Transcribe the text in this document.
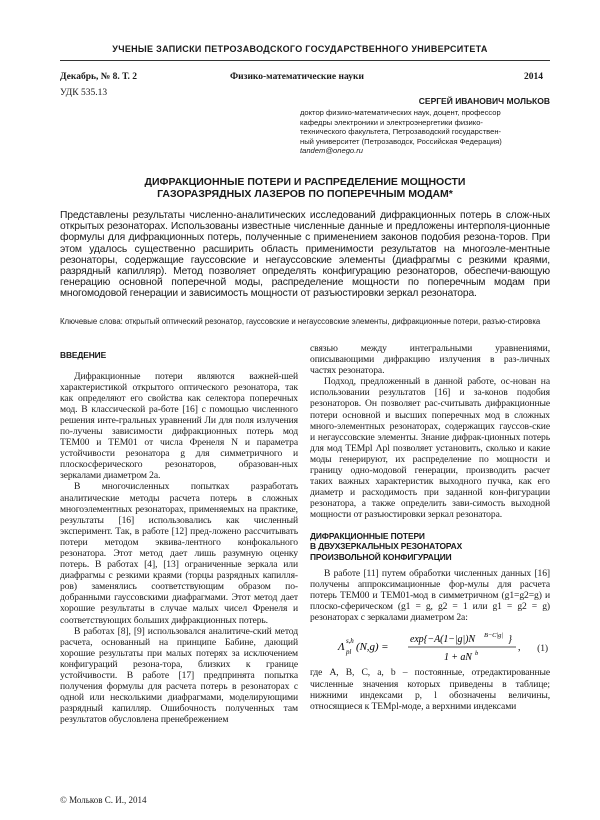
УЧЕНЫЕ ЗАПИСКИ ПЕТРОЗАВОДСКОГО ГОСУДАРСТВЕННОГО УНИВЕРСИТЕТА
Декабрь, № 8. Т. 2	Физико-математические науки	2014
УДК 535.13
СЕРГЕЙ ИВАНОВИЧ МОЛЬКОВ
доктор физико-математических наук, доцент, профессор
кафедры электроники и электроэнергетики физико-
технического факультета, Петрозаводский государствен-
ный университет (Петрозаводск, Российская Федерация)
tandem@onego.ru
ДИФРАКЦИОННЫЕ ПОТЕРИ И РАСПРЕДЕЛЕНИЕ МОЩНОСТИ
ГАЗОРАЗРЯДНЫХ ЛАЗЕРОВ ПО ПОПЕРЕЧНЫМ МОДАМ*
Представлены результаты численно-аналитических исследований дифракционных потерь в слож-ных открытых резонаторах. Использованы известные численные данные и предложены интерполя-ционные формулы для дифракционных потерь, полученные с применением законов подобия резона-торов. При этом удалось существенно расширить область применимости результатов на многоэле-ментные резонаторы, содержащие гауссовские и негауссовские элементы (диафрагмы с резкими краями, разрядный капилляр). Метод позволяет определять конфигурацию резонаторов, обеспечи-вающую генерацию основной поперечной моды, распределение мощности по поперечным модам при многомодовой генерации и зависимость мощности от разъюстировки зеркал резонатора.
Ключевые слова: открытый оптический резонатор, гауссовские и негауссовские элементы, дифракционные потери, разъю-стировка

ВВЕДЕНИЕ

Дифракционные потери являются важней-шей характеристикой открытого оптического резонатора, так как определяют его свойства как селектора поперечных мод. В классической ра-боте [16] с помощью численного решения инте-гральных уравнений Ли для поля излучения по-лучены зависимости дифракционных потерь мод TEM00 и TEM01 от числа Френеля N и параметра устойчивости резонатора g для симметричного и плоскосферического резонаторов, образован-ных зеркалами диаметром 2a.

В многочисленных попытках разработать аналитические методы расчета потерь в сложных многоэлементных резонаторах, применяемых на практике, результаты [16] использовались как численный эксперимент. Так, в работе [12] пред-ложено рассчитывать потери методом эквива-лентного конфокального резонатора. Этот метод дает лишь разумную оценку потерь. В работах [4], [13] ограниченные зеркала или диафрагмы с резкими краями (торцы разрядных капилля-ров) заменялись соответствующим образом по-добранными гауссовскими диафрагмами. Этот метод дает хорошие результаты в случае малых чисел Френеля и соответствующих больших дифракционных потерь.

В работах [8], [9] использовался аналитиче-ский метод расчета, основанный на принципе Бабине, дающий хорошие результаты при малых потерях за исключением конфигураций резона-тора, близких к границе устойчивости. В работе [17] предпринята попытка получения формулы для расчета потерь в резонаторах с одной или несколькими диафрагмами, моделирующими разрядный капилляр. Ошибочность полученных там результатов обусловлена пренебрежением

связью между интегральными уравнениями, описывающими дифракцию излучения в раз-личных частях резонатора.

Подход, предложенный в данной работе, ос-нован на использовании результатов [16] и за-конов подобия резонаторов. Он позволяет рас-считывать дифракционные потери основной и высших поперечных мод в сложных много-элементных резонаторах, содержащих гауссов-ские и негауссовские элементы. Знание дифрак-ционных потерь для мод TEMpl Λpl позволяет установить, сколько и какие моды генерируют, их распределение по мощности и границу одно-модовой генерации, производить расчет таких важных характеристик выходного пучка, как его диаметр и расходимость при заданной кон-фигурации резонатора, а также определить зави-симость выходной мощности от разъюстировки зеркал резонатора.

ДИФРАКЦИОННЫЕ ПОТЕРИ

В ДВУХЗЕРКАЛЬНЫХ РЕЗОНАТОРАХ

ПРОИЗВОЛЬНОЙ КОНФИГУРАЦИИ

В работе [11] путем обработки численных данных [16] получены аппроксимационные фор-мулы для расчета потерь TEM00 и TEM01-мод в симметричном (g1=g2=g) и плоско-сферическом (g1 = g, g2 = 1 или g1 = g2 = g) резонаторах с зеркалами диаметром 2a:

Λ s,h
pl (N,g) =
exp{−A(1−|g|)N B−C|g| }
1 + aN b
, (1)

где A, B, C, a, b – постоянные, отредактированные численные значения которых приведены в таблице; нижними индексами p, l обозначены величины, относящиеся к TEMpl-моде, а верхними индексами

© Мольков С. И., 2014
